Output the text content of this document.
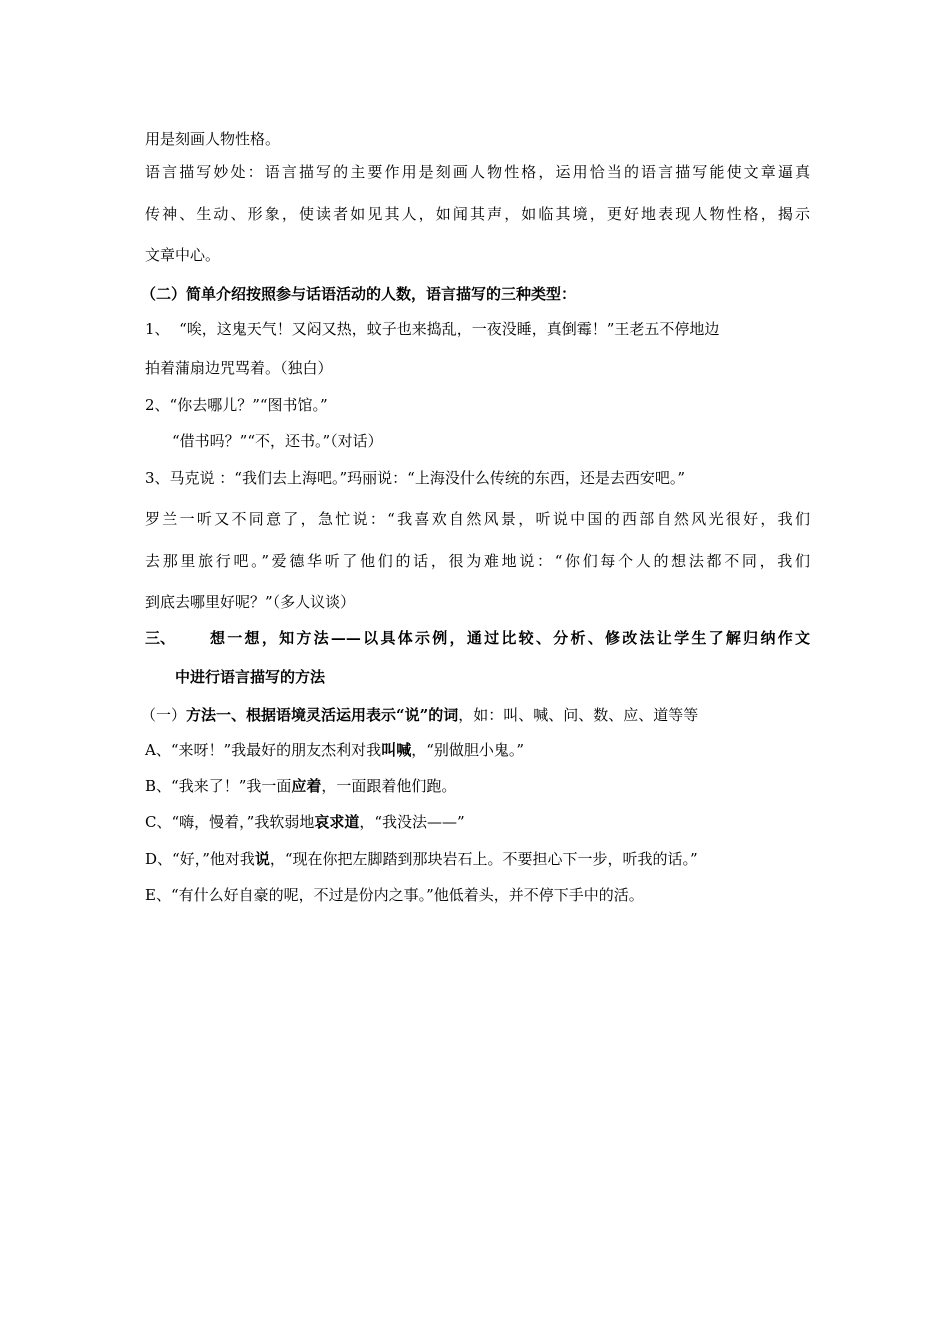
用是刻画人物性格。
语言描写妙处：语言描写的主要作用是刻画人物性格，运用恰当的语言描写能使文章逼真
传神、生动、形象，使读者如见其人，如闻其声，如临其境，更好地表现人物性格，揭示
文章中心。
（二）简单介绍按照参与话语活动的人数，语言描写的三种类型：
1、  “唉，这鬼天气！又闷又热，蚊子也来捣乱，一夜没睡，真倒霉！”王老五不停地边
拍着蒲扇边咒骂着。（独白）
2、“你去哪儿？”“图书馆。”
“借书吗？”“不，还书。”（对话）
3、马克说 ：“我们去上海吧。”玛丽说：“上海没什么传统的东西，还是去西安吧。”
罗兰一听又不同意了，急忙说：“我喜欢自然风景，听说中国的西部自然风光很好，我们
去那里旅行吧。”爱德华听了他们的话，很为难地说：“你们每个人的想法都不同，我们
到底去哪里好呢？”（多人议谈）
三、	想一想，知方法——以具体示例，通过比较、分析、修改法让学生了解归纳作文
中进行语言描写的方法
（一）方法一、根据语境灵活运用表示“说”的词，如：叫、喊、问、数、应、道等等
A、“来呀！”我最好的朋友杰利对我叫喊，“别做胆小鬼。”
B、“我来了！”我一面应着，一面跟着他们跑。
C、“嗨，慢着，”我软弱地哀求道，“我没法——”
D、“好，”他对我说，“现在你把左脚踏到那块岩石上。不要担心下一步，听我的话。”
E、“有什么好自豪的呢，不过是份内之事。”他低着头，并不停下手中的活。
